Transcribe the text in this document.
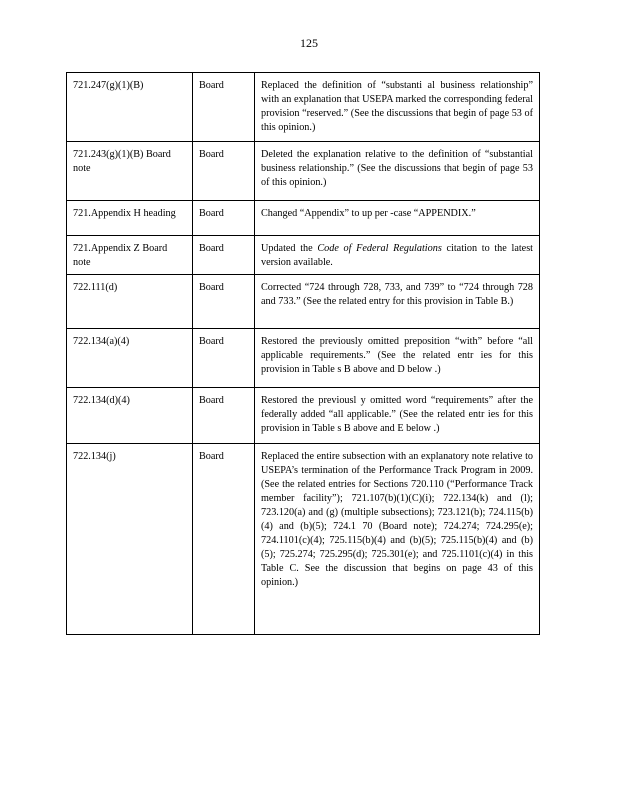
125
721.247(g)(1)(B)	Board	Replaced the definition of “substanti al business relationship” with an explanation that USEPA marked the corresponding federal provision “reserved.” (See the discussions that begin of page 53 of this opinion.)
721.243(g)(1)(B) Board note	Board	Deleted the explanation relative to the definition of “substantial business relationship.” (See the discussions that begin of page 53 of this opinion.)
721.Appendix H heading	Board	Changed “Appendix” to up per -case “APPENDIX.”
721.Appendix Z Board note	Board	Updated the Code of Federal Regulations citation to the latest version available.
722.111(d)	Board	Corrected “724 through 728, 733, and 739” to “724 through 728 and 733.” (See the related entry for this provision in Table B.)
722.134(a)(4)	Board	Restored the previously omitted preposition “with” before “all applicable requirements.” (See the related entr ies for this provision in Table s B above and D below .)
722.134(d)(4)	Board	Restored the previousl y omitted word “requirements” after the federally added “all applicable.” (See the related entr ies for this provision in Table s B above and E below .)
722.134(j)	Board	Replaced the entire subsection with an explanatory note relative to USEPA’s termination of the Performance Track Program in 2009. (See the related entries for Sections 720.110 (“Performance Track member facility”); 721.107(b)(1)(C)(i); 722.134(k) and (l); 723.120(a) and (g) (multiple subsections); 723.121(b); 724.115(b)(4) and (b)(5); 724.1 70 (Board note); 724.274; 724.295(e); 724.1101(c)(4); 725.115(b)(4) and (b)(5); 725.115(b)(4) and (b)(5); 725.274; 725.295(d); 725.301(e); and 725.1101(c)(4) in this Table C. See the discussion that begins on page 43 of this opinion.)
